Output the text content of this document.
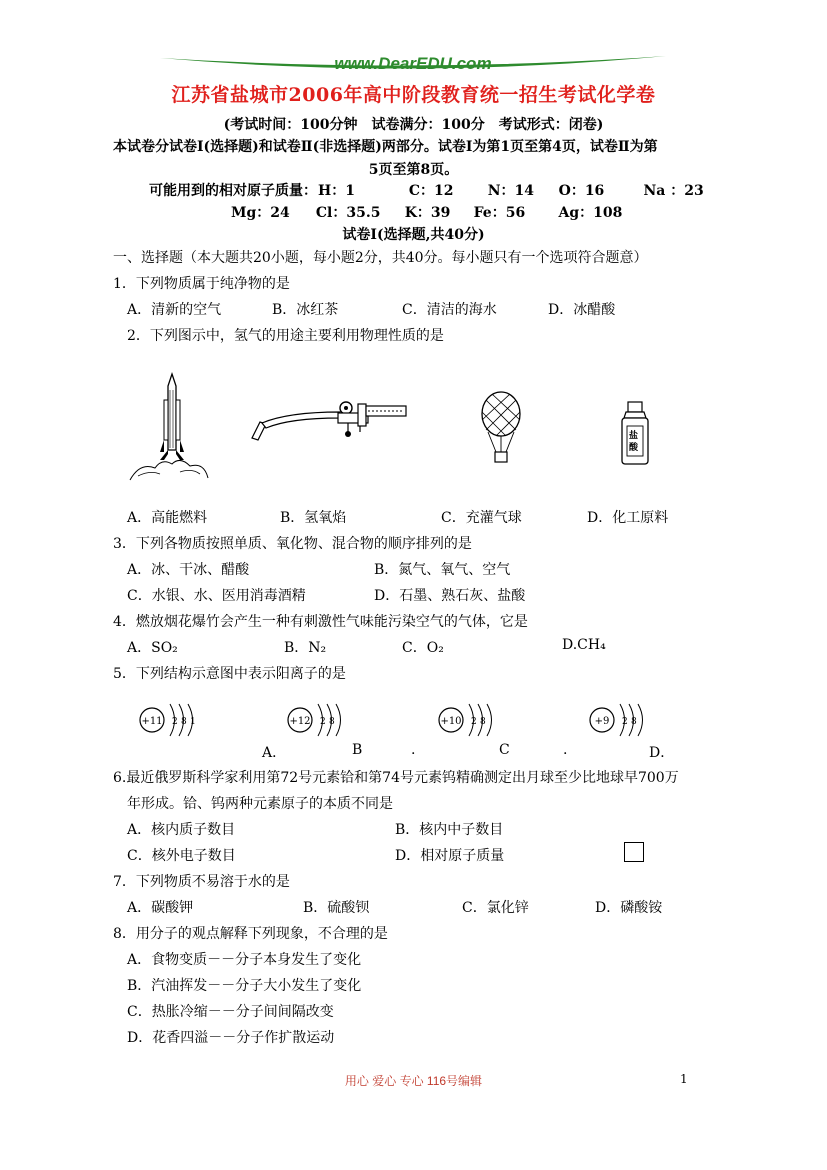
www.DearEDU.com
江苏省盐城市2006年高中阶段教育统一招生考试化学卷
(考试时间：100分钟　试卷满分：100分　考试形式：闭卷)
本试卷分试卷Ⅰ(选择题)和试卷Ⅱ(非选择题)两部分。试卷Ⅰ为第1页至第4页，试卷Ⅱ为第
5页至第8页。
可能用到的相对原子质量： H：1	C：12 N：14 O：16	Na ：23
Mg：24 Cl：35.5 K：39 Fe：56 Ag：108
试卷Ⅰ(选择题,共40分)
一、选择题（本大题共20小题，每小题2分，共40分。每小题只有一个选项符合题意）
1．下列物质属于纯净物的是
A．清新的空气	B．冰红茶	C．清洁的海水	D．冰醋酸
2．下列图示中，氢气的用途主要利用物理性质的是
盐
酸
A．高能燃料	B．氢氧焰	C．充灌气球	D．化工原料
3．下列各物质按照单质、氧化物、混合物的顺序排列的是
A．冰、干冰、醋酸	B．氮气、氧气、空气
C．水银、水、医用消毒酒精	D．石墨、熟石灰、盐酸
4．燃放烟花爆竹会产生一种有刺激性气味能污染空气的气体，它是
A．SO₂	B．N₂	C．O₂	D.CH₄
5．下列结构示意图中表示阳离子的是
+11 2 8 1	+12 2 8	+10 2 8	+9 2 8
A．	B	.	C	.	D．
6.最近俄罗斯科学家利用第72号元素铪和第74号元素钨精确测定出月球至少比地球早700万
年形成。铪、钨两种元素原子的本质不同是
A．核内质子数目	B．核内中子数目
C．核外电子数目	D．相对原子质量
7．下列物质不易溶于水的是
A．碳酸钾	B．硫酸钡	C．氯化锌	D．磷酸铵
8．用分子的观点解释下列现象，不合理的是
A．食物变质－－分子本身发生了变化
B．汽油挥发－－分子大小发生了变化
C．热胀冷缩－－分子间间隔改变
D．花香四溢－－分子作扩散运动
用心 爱心 专心 116号编辑	1
